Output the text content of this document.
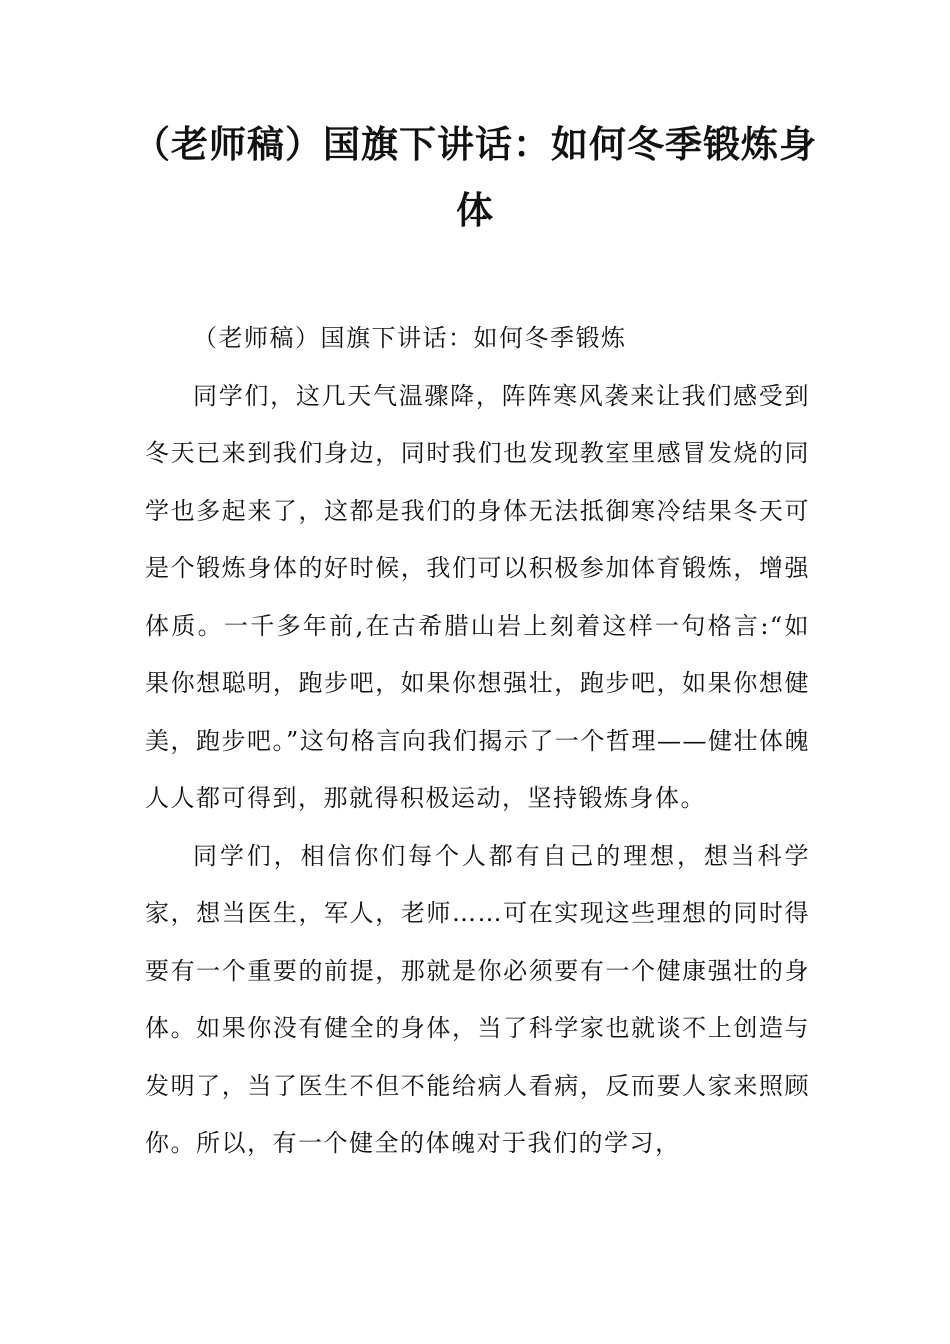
（老师稿）国旗下讲话：如何冬季锻炼身体

（老师稿）国旗下讲话：如何冬季锻炼

同学们，这几天气温骤降，阵阵寒风袭来让我们感受到冬天已来到我们身边，同时我们也发现教室里感冒发烧的同学也多起来了，这都是我们的身体无法抵御寒冷结果冬天可是个锻炼身体的好时候，我们可以积极参加体育锻炼，增强体质。一千多年前,在古希腊山岩上刻着这样一句格言:“如果你想聪明，跑步吧，如果你想强壮，跑步吧，如果你想健美，跑步吧。”这句格言向我们揭示了一个哲理——健壮体魄人人都可得到，那就得积极运动，坚持锻炼身体。

同学们，相信你们每个人都有自己的理想，想当科学家，想当医生，军人，老师……可在实现这些理想的同时得要有一个重要的前提，那就是你必须要有一个健康强壮的身体。如果你没有健全的身体，当了科学家也就谈不上创造与发明了，当了医生不但不能给病人看病，反而要人家来照顾你。所以，有一个健全的体魄对于我们的学习，
